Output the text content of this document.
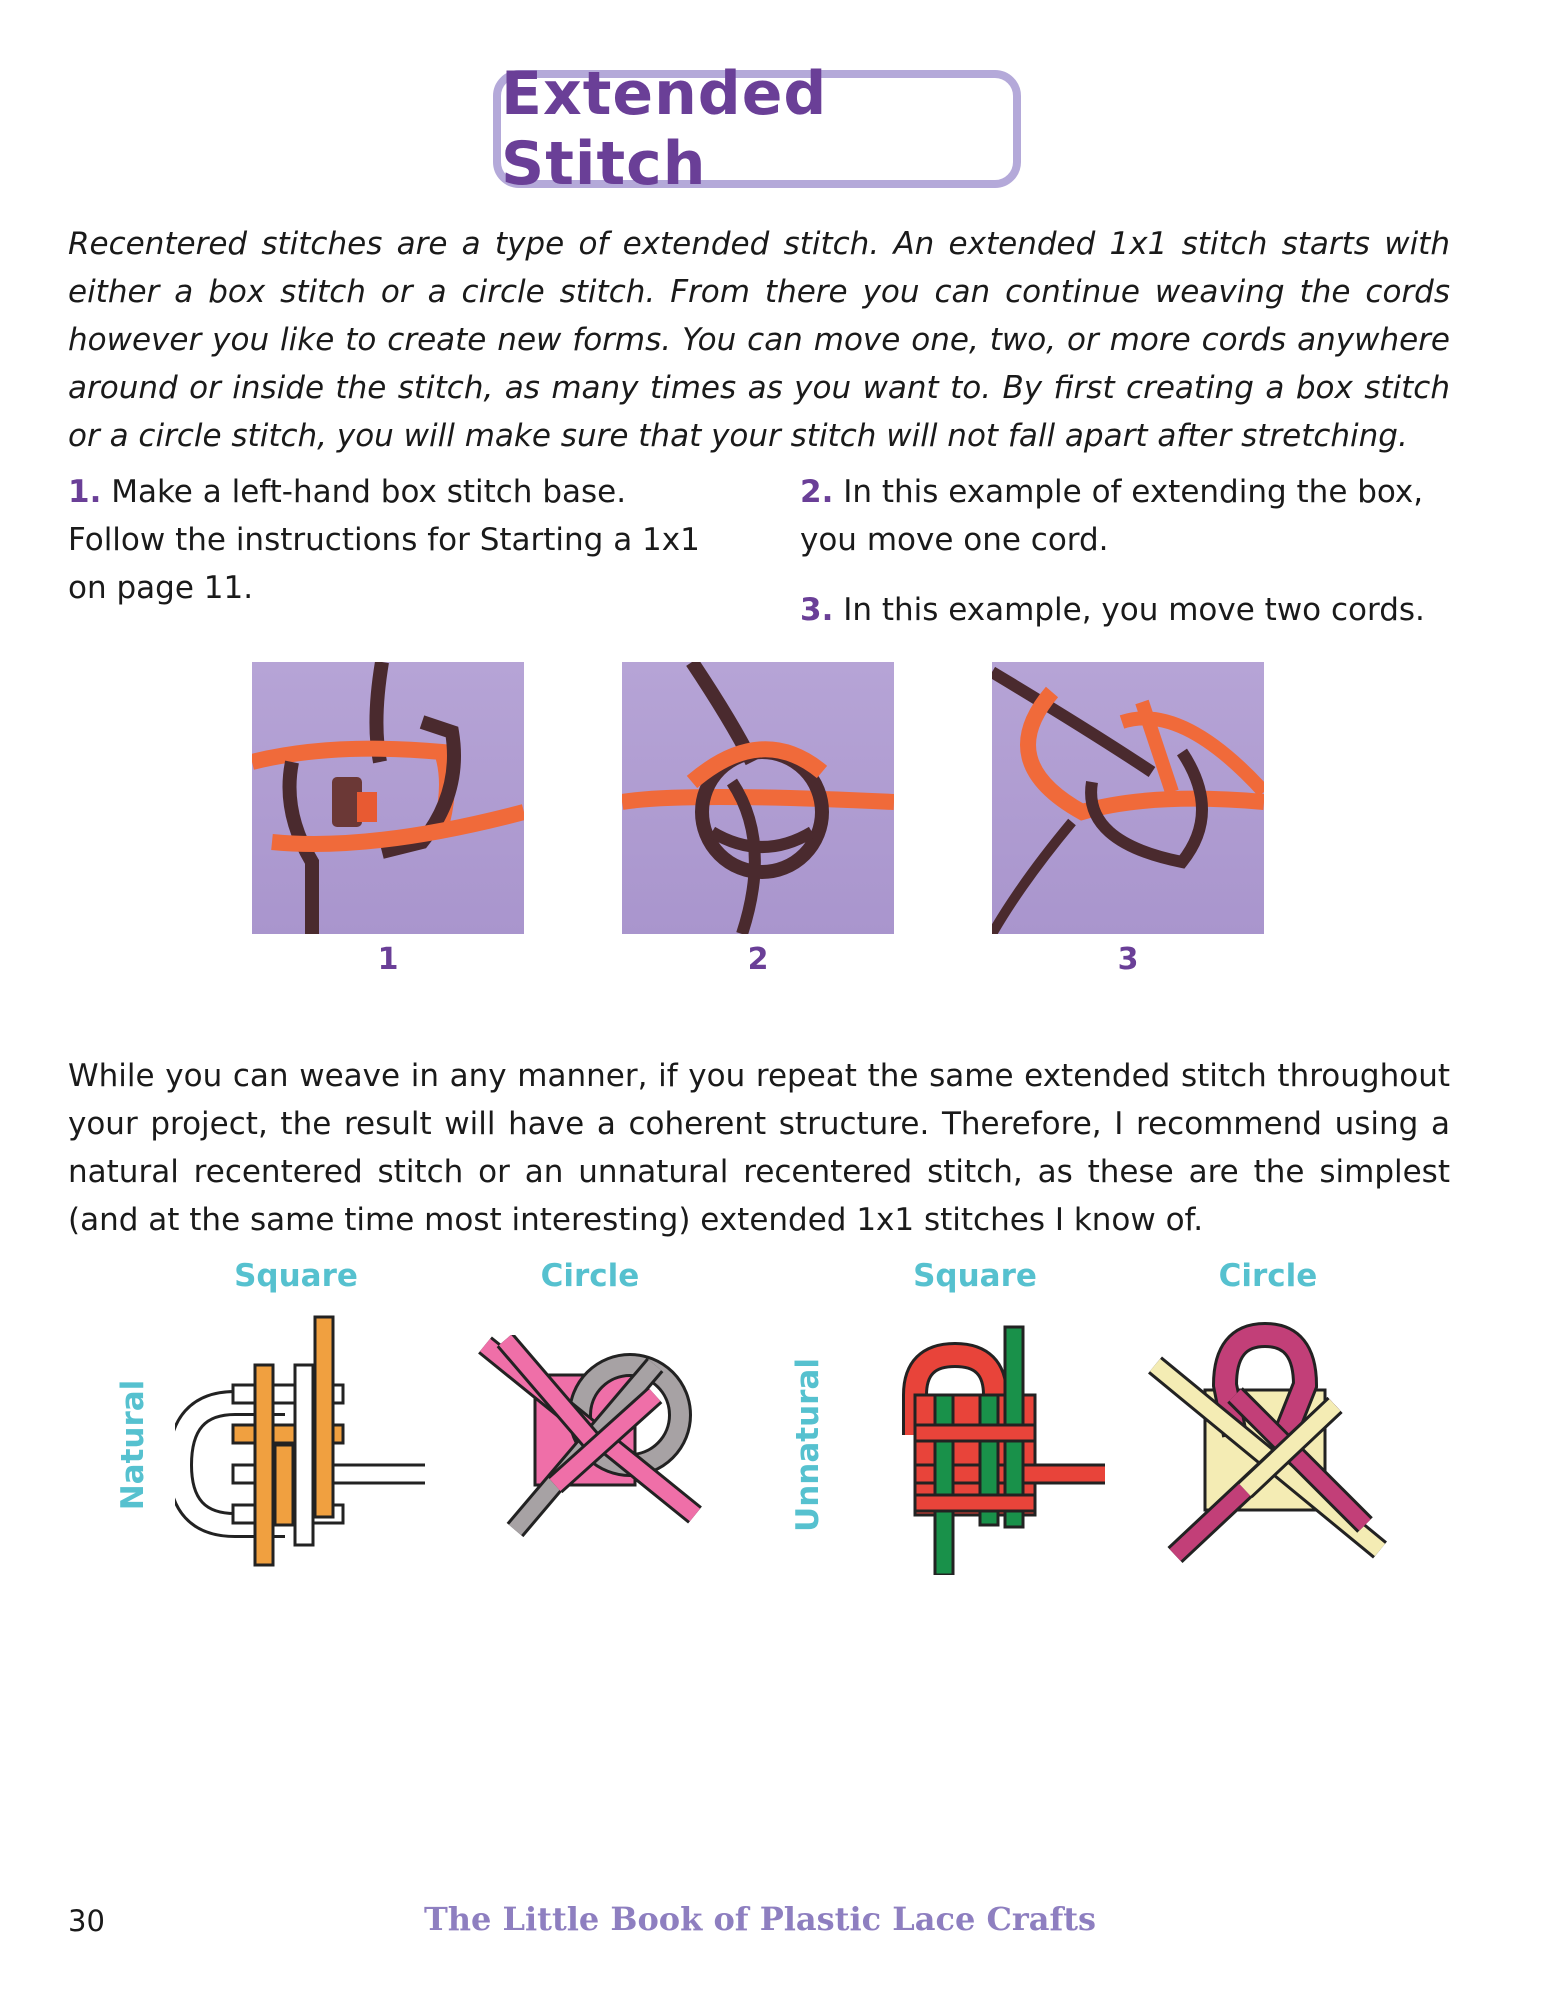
Extended Stitch

Recentered stitches are a type of extended stitch. An extended 1x1 stitch starts with either a box stitch or a circle stitch. From there you can continue weaving the cords however you like to create new forms. You can move one, two, or more cords anywhere around or inside the stitch, as many times as you want to. By first creating a box stitch or a circle stitch, you will make sure that your stitch will not fall apart after stretching.

1. Make a left-hand box stitch base. Follow the instructions for Starting a 1x1 on page 11.

2. In this example of extending the box, you move one cord.

3. In this example, you move two cords.

1	2	3

While you can weave in any manner, if you repeat the same extended stitch throughout your project, the result will have a coherent structure. Therefore, I recommend using a natural recentered stitch or an unnatural recentered stitch, as these are the simplest (and at the same time most interesting) extended 1x1 stitches I know of.

Square	Circle	Square	Circle
Natural	Unnatural
30	The Little Book of Plastic Lace Crafts
